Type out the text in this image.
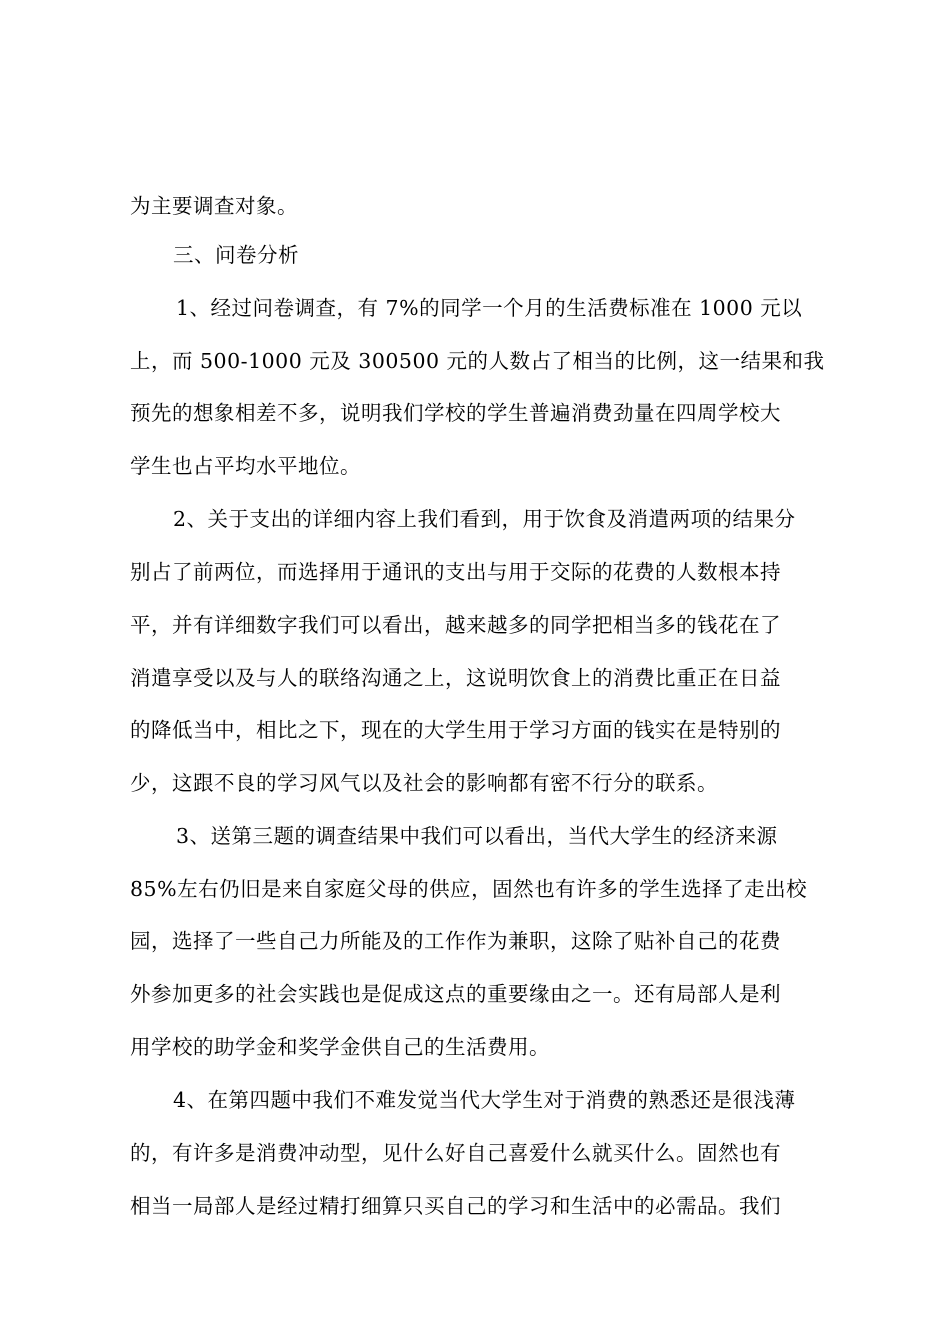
为主要调查对象。
三、问卷分析
1、经过问卷调查，有 7%的同学一个月的生活费标准在 1000 元以
上，而 500-1000 元及 300500 元的人数占了相当的比例，这一结果和我
预先的想象相差不多，说明我们学校的学生普遍消费劲量在四周学校大
学生也占平均水平地位。
2、关于支出的详细内容上我们看到，用于饮食及消遣两项的结果分
别占了前两位，而选择用于通讯的支出与用于交际的花费的人数根本持
平，并有详细数字我们可以看出，越来越多的同学把相当多的钱花在了
消遣享受以及与人的联络沟通之上，这说明饮食上的消费比重正在日益
的降低当中，相比之下，现在的大学生用于学习方面的钱实在是特别的
少，这跟不良的学习风气以及社会的影响都有密不行分的联系。
3、送第三题的调查结果中我们可以看出，当代大学生的经济来源
85%左右仍旧是来自家庭父母的供应，固然也有许多的学生选择了走出校
园，选择了一些自己力所能及的工作作为兼职，这除了贴补自己的花费
外参加更多的社会实践也是促成这点的重要缘由之一。还有局部人是利
用学校的助学金和奖学金供自己的生活费用。
4、在第四题中我们不难发觉当代大学生对于消费的熟悉还是很浅薄
的，有许多是消费冲动型，见什么好自己喜爱什么就买什么。固然也有
相当一局部人是经过精打细算只买自己的学习和生活中的必需品。我们
